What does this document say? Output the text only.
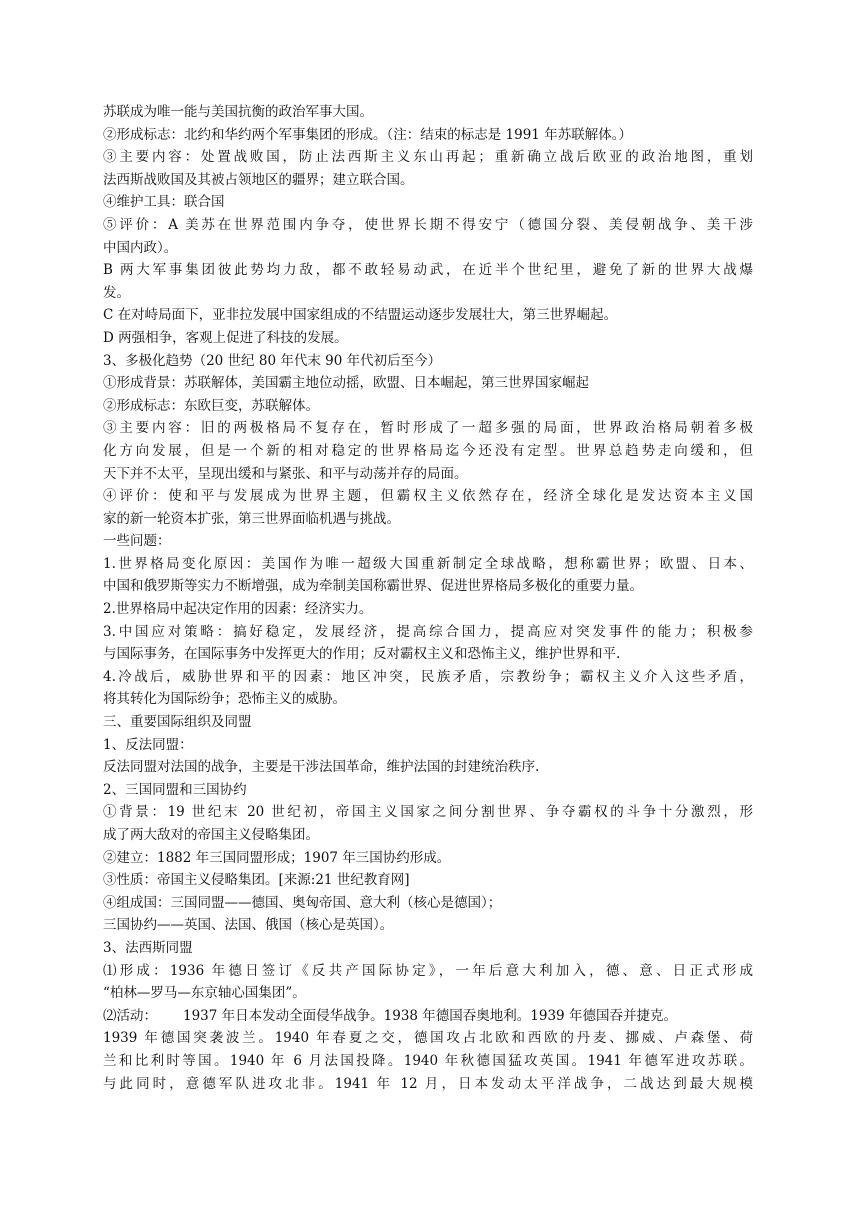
苏联成为唯一能与美国抗衡的政治军事大国。
②形成标志：北约和华约两个军事集团的形成。（注：结束的标志是 1991 年苏联解体。）
③主要内容：处置战败国，防止法西斯主义东山再起；重新确立战后欧亚的政治地图，重划
法西斯战败国及其被占领地区的疆界；建立联合国。
④维护工具：联合国
⑤评价：A 美苏在世界范围内争夺，使世界长期不得安宁（德国分裂、美侵朝战争、美干涉
中国内政）。
B 两大军事集团彼此势均力敌，都不敢轻易动武，在近半个世纪里，避免了新的世界大战爆
发。
C 在对峙局面下，亚非拉发展中国家组成的不结盟运动逐步发展壮大，第三世界崛起。
D 两强相争，客观上促进了科技的发展。
3、多极化趋势（20 世纪 80 年代末 90 年代初后至今）
①形成背景：苏联解体，美国霸主地位动摇，欧盟、日本崛起，第三世界国家崛起
②形成标志：东欧巨变，苏联解体。
③主要内容：旧的两极格局不复存在，暂时形成了一超多强的局面，世界政治格局朝着多极
化方向发展，但是一个新的相对稳定的世界格局迄今还没有定型。世界总趋势走向缓和，但
天下并不太平，呈现出缓和与紧张、和平与动荡并存的局面。
④评价：使和平与发展成为世界主题，但霸权主义依然存在，经济全球化是发达资本主义国
家的新一轮资本扩张，第三世界面临机遇与挑战。
一些问题：
1.世界格局变化原因：美国作为唯一超级大国重新制定全球战略，想称霸世界；欧盟、日本、
中国和俄罗斯等实力不断增强，成为牵制美国称霸世界、促进世界格局多极化的重要力量。
2.世界格局中起决定作用的因素：经济实力。
3.中国应对策略：搞好稳定，发展经济，提高综合国力，提高应对突发事件的能力；积极参
与国际事务，在国际事务中发挥更大的作用；反对霸权主义和恐怖主义，维护世界和平.
4.冷战后，威胁世界和平的因素：地区冲突，民族矛盾，宗教纷争；霸权主义介入这些矛盾，
将其转化为国际纷争；恐怖主义的威胁。
三、重要国际组织及同盟
1、反法同盟：
反法同盟对法国的战争，主要是干涉法国革命，维护法国的封建统治秩序.
2、三国同盟和三国协约
①背景：19 世纪末 20 世纪初，帝国主义国家之间分割世界、争夺霸权的斗争十分激烈，形
成了两大敌对的帝国主义侵略集团。
②建立：1882 年三国同盟形成；1907 年三国协约形成。
③性质：帝国主义侵略集团。[来源:21 世纪教育网]
④组成国：三国同盟——德国、奥匈帝国、意大利（核心是德国）；
三国协约——英国、法国、俄国（核心是英国）。
3、法西斯同盟
⑴形成：1936 年德日签订《反共产国际协定》，一年后意大利加入，德、意、日正式形成
“柏林—罗马—东京轴心国集团”。
⑵活动： 1937 年日本发动全面侵华战争。1938 年德国吞奥地利。1939 年德国吞并捷克。
1939 年德国突袭波兰。1940 年春夏之交，德国攻占北欧和西欧的丹麦、挪威、卢森堡、荷
兰和比利时等国。1940 年 6 月法国投降。1940 年秋德国猛攻英国。1941 年德军进攻苏联。
与此同时，意德军队进攻北非。1941 年 12 月，日本发动太平洋战争，二战达到最大规模
